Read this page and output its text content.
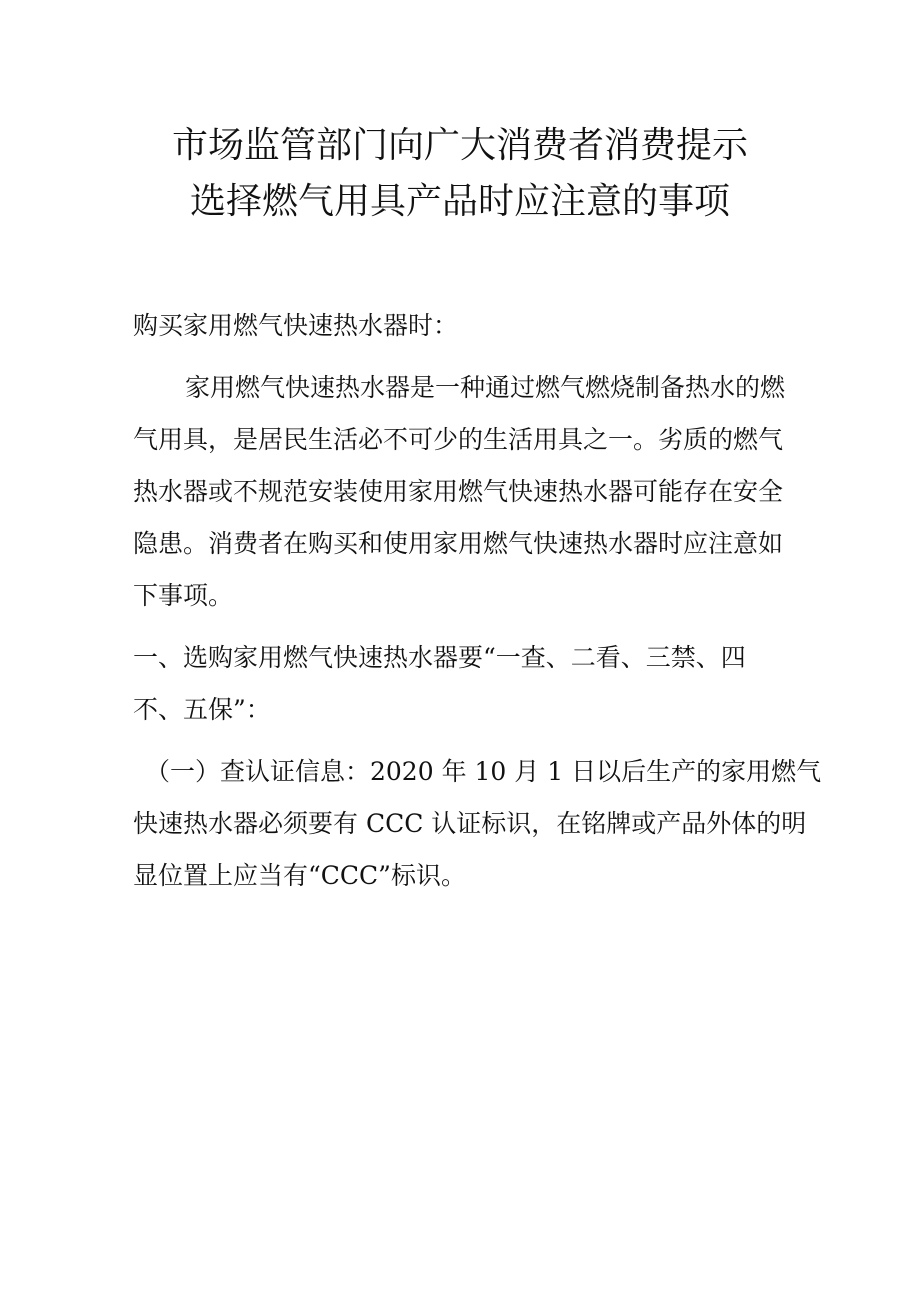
市场监管部门向广大消费者消费提示
选择燃气用具产品时应注意的事项
购买家用燃气快速热水器时：
家用燃气快速热水器是一种通过燃气燃烧制备热水的燃
气用具，是居民生活必不可少的生活用具之一。劣质的燃气
热水器或不规范安装使用家用燃气快速热水器可能存在安全
隐患。消费者在购买和使用家用燃气快速热水器时应注意如
下事项。
一、选购家用燃气快速热水器要“一查、二看、三禁、四
不、五保”：
（一）查认证信息：2020 年 10 月 1 日以后生产的家用燃气
快速热水器必须要有 CCC 认证标识，在铭牌或产品外体的明
显位置上应当有“CCC”标识。
